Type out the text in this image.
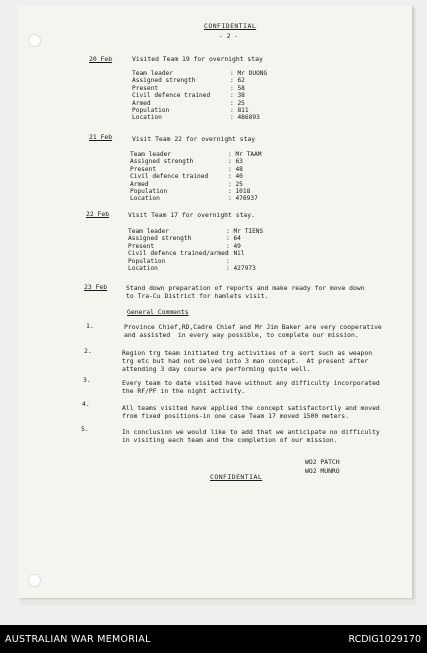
CONFIDENTIAL
- 2 -
20 Feb	Visited Team 19 for overnight stay
Team leader	: Mr DUONG
Assigned strength	: 62
Present	: 58
Civil defence trained	: 38
Armed	: 25
Population	: 811
Location	: 486893
21 Feb	Visit Team 22 for overnight stay
Team leader	: Mr TAAM
Assigned strength	: 63
Present	: 48
Civil defence trained	: 40
Armed	: 25
Population	: 1018
Location	: 476937
22 Feb	Visit Team 17 for overnight stay.
Team leader	: Mr TIENS
Assigned strength	: 64
Present	: 49
Civil defence trained/armed
: Nil
Population	:
Location	: 427973
23 Feb	Stand down preparation of reports and make ready for move down
to Tra-Cu District for hamlets visit.
General Comments
1.	Province Chief,RD,Cadre Chief and Mr Jim Baker are very cooperative
and assisted  in every way possible, to complete our mission.
2.	Region trg team initiated trg activities of a sort such as weapon
trg etc but had not delved into 3 man concept.  At present after
attending 3 day course are performing quite well.
3.	Every team to date visited have without any difficulty incorporated
the RF/PF in the night activity.
4.	All teams visited have applied the concept satisfactorily and moved
from fixed positions-in one case Team 17 moved 1500 meters.
5.	In conclusion we would like to add that we anticipate no difficulty
in visiting each team and the completion of our mission.
WO2 PATCH
WO2 MUNRO
CONFIDENTIAL
AUSTRALIAN WAR MEMORIAL	RCDIG1029170
